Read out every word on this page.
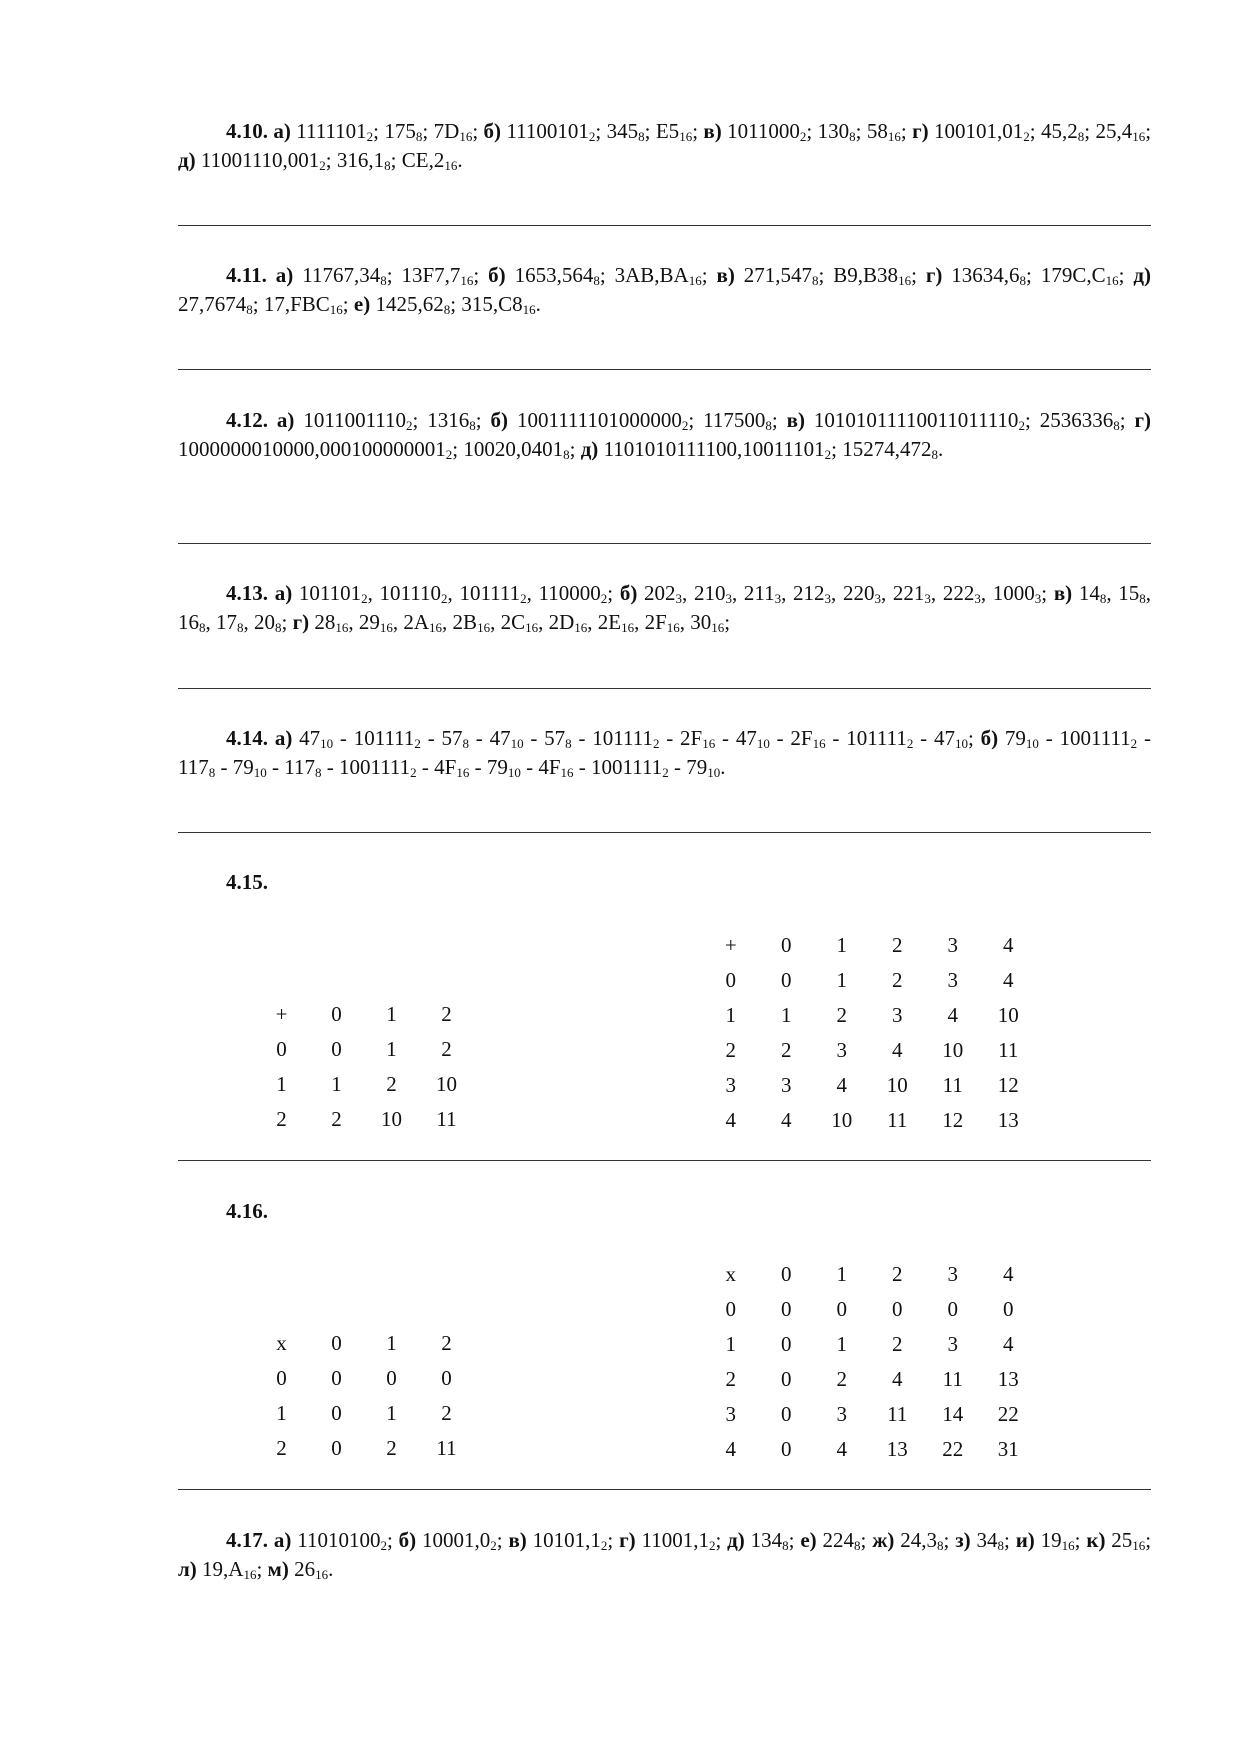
4.10. а) $1111101_2$; $175_8$; $7D_{16}$; б) $11100101_2$; $345_8$; $E5_{16}$; в) $1011000_2$; $130_8$; $58_{16}$; г) $100101,01_2$; $45,2_8$; $25,4_{16}$; д) $11001110,001_2$; $316,1_8$; $CE,2_{16}$.

4.11. а) $11767,34_8$; $13F7,7_{16}$; б) $1653,564_8$; $3AB,BA_{16}$; в) $271,547_8$; $B9,B38_{16}$; г) $13634,6_8$; $179C,C_{16}$; д) $27,7674_8$; $17,FBC_{16}$; е) $1425,62_8$; $315,C8_{16}$.

4.12. а) $1011001110_2$; $1316_8$; б) $1001111101000000_2$; $117500_8$; в) $10101011110011011110_2$; $2536336_8$; г) $1000000010000,000100000001_2$; $10020,0401_8$; д) $1101010111100,10011101_2$; $15274,472_8$.

4.13. а) $101101_2$, $101110_2$, $101111_2$, $110000_2$; б) $202_3$, $210_3$, $211_3$, $212_3$, $220_3$, $221_3$, $222_3$, $1000_3$; в) $14_8$, $15_8$, $16_8$, $17_8$, $20_8$; г) $28_{16}$, $29_{16}$, $2A_{16}$, $2B_{16}$, $2C_{16}$, $2D_{16}$, $2E_{16}$, $2F_{16}$, $30_{16}$;

4.14. а) $47_{10} - 101111_2 - 57_8 - 47_{10} - 57_8 - 101111_2 - 2F_{16} - 47_{10} - 2F_{16} - 101111_2 - 47_{10}$; б) $79_{10} - 1001111_2 - 117_8 - 79_{10} - 117_8 - 1001111_2 - 4F_{16} - 79_{10} - 4F_{16} - 1001111_2 - 79_{10}$.

4.15.
+	0	1	2
0	0	1	2
1	1	2	10
2	2	10	11
+	0	1	2	3	4
0	0	1	2	3	4
1	1	2	3	4	10
2	2	3	4	10	11
3	3	4	10	11	12
4	4	10	11	12	13
4.16.
x	0	1	2
0	0	0	0
1	0	1	2
2	0	2	11
x	0	1	2	3	4
0	0	0	0	0	0
1	0	1	2	3	4
2	0	2	4	11	13
3	0	3	11	14	22
4	0	4	13	22	31

4.17. а) $11010100_2$; б) $10001,0_2$; в) $10101,1_2$; г) $11001,1_2$; д) $134_8$; е) $224_8$; ж) $24,3_8$; з) $34_8$; и) $19_{16}$; к) $25_{16}$; л) $19,A_{16}$; м) $26_{16}$.
